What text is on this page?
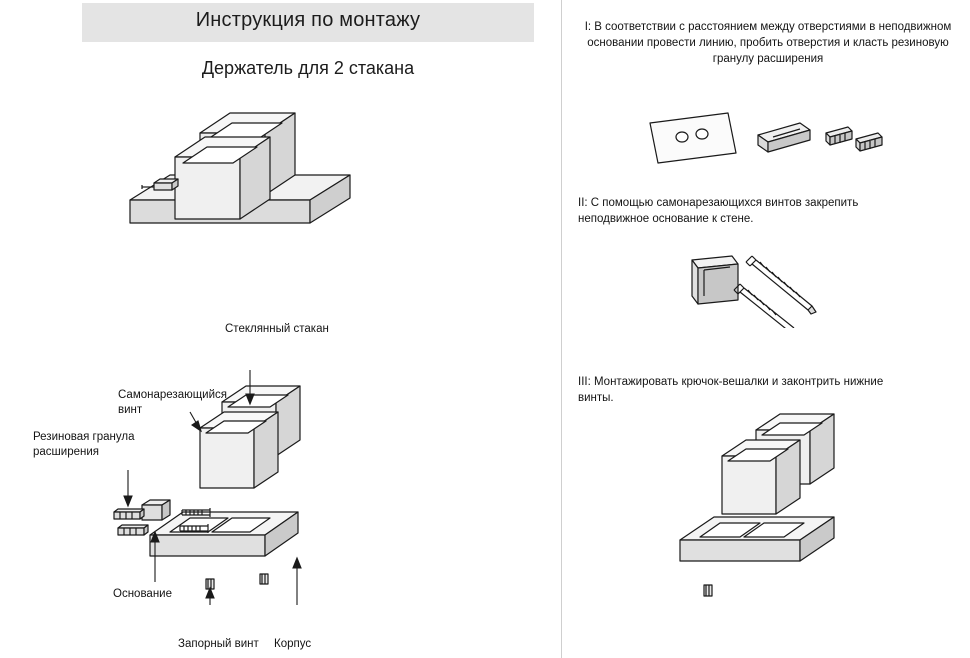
Инструкция по монтажу
Держатель для 2 стакана
I: В соответствии с расстоянием между отверстиями в неподвижном основании провести линию, пробить отверстия и класть резиновую гранулу расширения
II: С помощью самонарезающихся винтов закрепить неподвижное основание к стене.
III: Монтажировать крючок-вешалки и законтрить нижние винты.
Стеклянный стакан
Самонарезающийся винт
Резиновая гранула расширения
Основание
Запорный винт	Корпус
